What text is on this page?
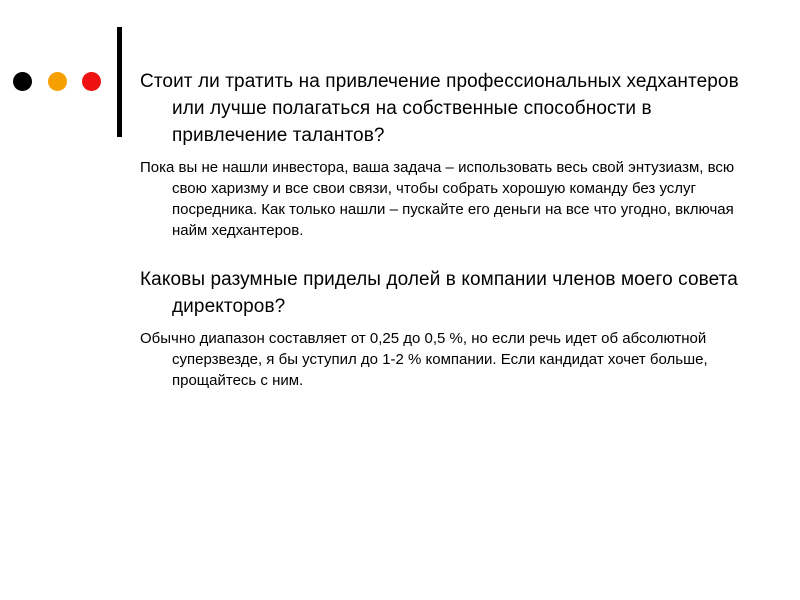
Стоит ли тратить на привлечение профессиональных хедхантеров или лучше полагаться на собственные способности в привлечение талантов?

Пока вы не нашли инвестора, ваша задача – использовать весь свой энтузиазм, всю свою харизму и все свои связи, чтобы собрать хорошую команду без услуг посредника. Как только нашли – пускайте его деньги на все что угодно, включая найм хедхантеров.

Каковы разумные приделы долей в компании членов моего совета директоров?

Обычно диапазон составляет от 0,25 до 0,5 %, но если речь идет об абсолютной суперзвезде, я бы уступил до 1-2 % компании. Если кандидат хочет больше, прощайтесь с ним.
